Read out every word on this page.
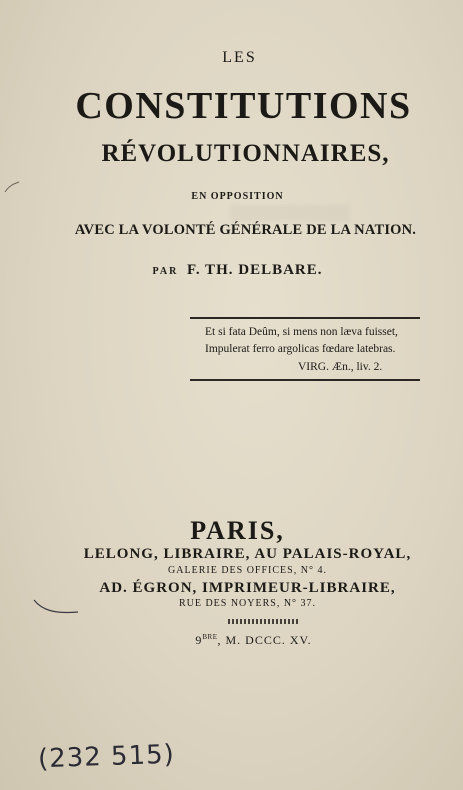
LES
CONSTITUTIONS
RÉVOLUTIONNAIRES,
EN OPPOSITION
AVEC LA VOLONTÉ GÉNÉRALE DE LA NATION.
PAR F. TH. DELBARE.
Et si fata Deûm, si mens non læva fuisset,
Impulerat ferro argolicas fœdare latebras.
VIRG. Æn., liv. 2.
PARIS,
LELONG, LIBRAIRE, AU PALAIS-ROYAL,
GALERIE DES OFFICES, N° 4.
AD. ÉGRON, IMPRIMEUR-LIBRAIRE,
RUE DES NOYERS, N° 37.
$9^{BRE}$, M. DCCC. XV.
(232 515)
